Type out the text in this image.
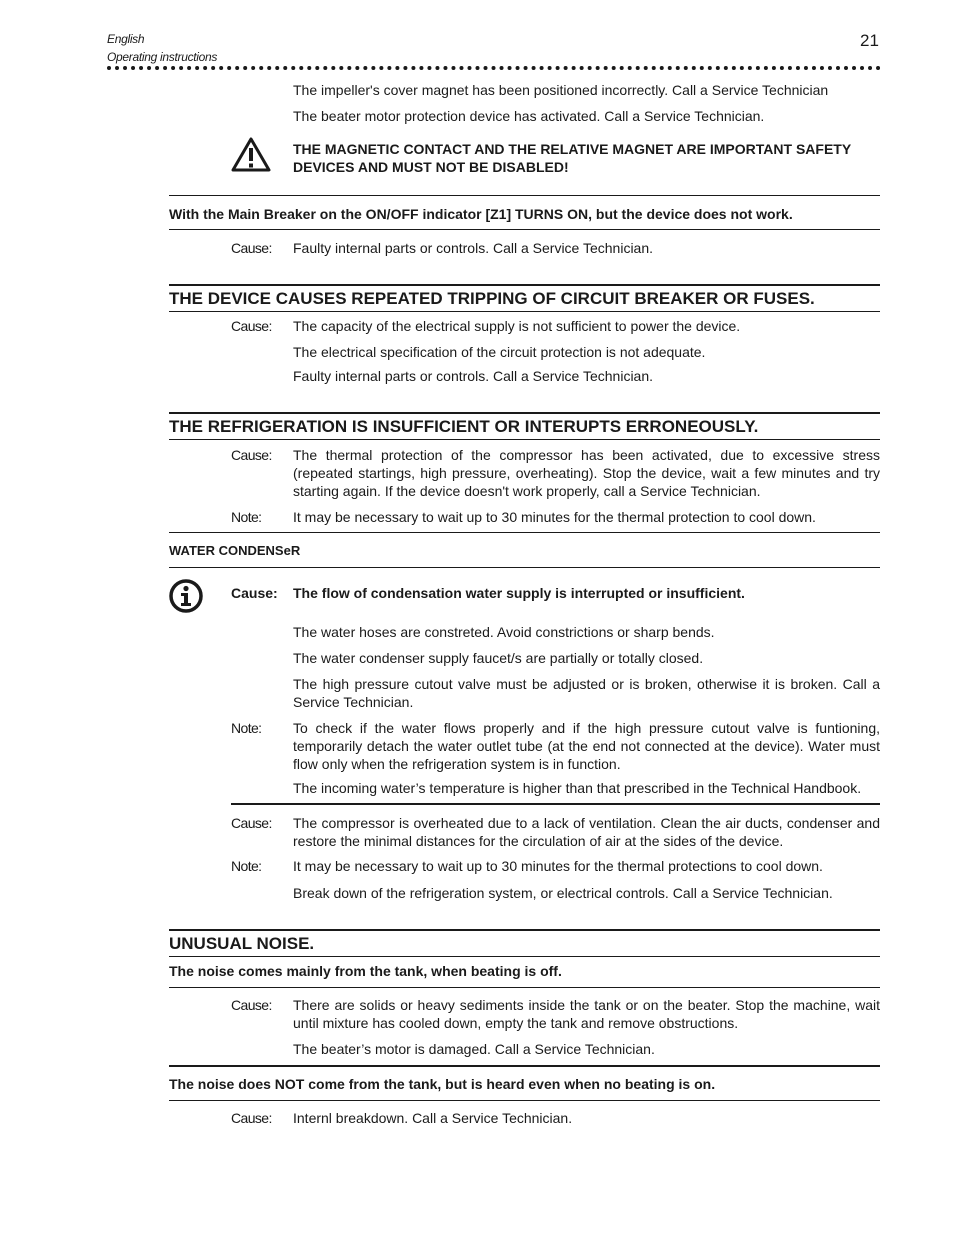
English
Operating instructions
21
The impeller's cover magnet has been positioned incorrectly. Call a Service Technician
The beater motor protection device has activated. Call a Service Technician.
THE MAGNETIC CONTACT AND THE RELATIVE MAGNET ARE IMPORTANT SAFETY DEVICES AND MUST NOT BE DISABLED!
With the Main Breaker on the ON/OFF indicator [Z1] TURNS ON, but the device does not work.
Cause: Faulty internal parts or controls. Call a Service Technician.
THE DEVICE CAUSES REPEATED TRIPPING OF CIRCUIT BREAKER OR FUSES.
Cause: The capacity of the electrical supply is not sufficient to power the device.
The electrical specification of the circuit protection is not adequate.
Faulty internal parts or controls. Call a Service Technician.
THE REFRIGERATION IS INSUFFICIENT OR INTERUPTS ERRONEOUSLY.
Cause: The thermal protection of the compressor has been activated, due to excessive stress (repeated startings, high pressure, overheating). Stop the device, wait a few minutes and try starting again. If the device doesn't work properly, call a Service Technician.
Note: It may be necessary to wait up to 30 minutes for the thermal protection to cool down.
WATER CONDENSeR
Cause: The flow of condensation water supply is interrupted or insufficient.
The water hoses are constreted. Avoid constrictions or sharp bends.
The water condenser supply faucet/s are partially or totally closed.
The high pressure cutout valve must be adjusted or is broken, otherwise it is broken. Call a Service Technician.
Note: To check if the water flows properly and if the high pressure cutout valve is funtioning, temporarily detach the water outlet tube (at the end not connected at the device). Water must flow only when the refrigeration system is in function.
The incoming water’s temperature is higher than that prescribed in the Technical Handbook.
Cause: The compressor is overheated due to a lack of ventilation. Clean the air ducts, condenser and restore the minimal distances for the circulation of air at the sides of the device.
Note: It may be necessary to wait up to 30 minutes for the thermal protections to cool down.
Break down of the refrigeration system, or electrical controls. Call a Service Technician.
UNUSUAL NOISE.
The noise comes mainly from the tank, when beating is off.
Cause: There are solids or heavy sediments inside the tank or on the beater. Stop the machine, wait until mixture has cooled down, empty the tank and remove obstructions.
The beater’s motor is damaged. Call a Service Technician.
The noise does NOT come from the tank, but is heard even when no beating is on.
Cause: Internl breakdown. Call a Service Technician.
